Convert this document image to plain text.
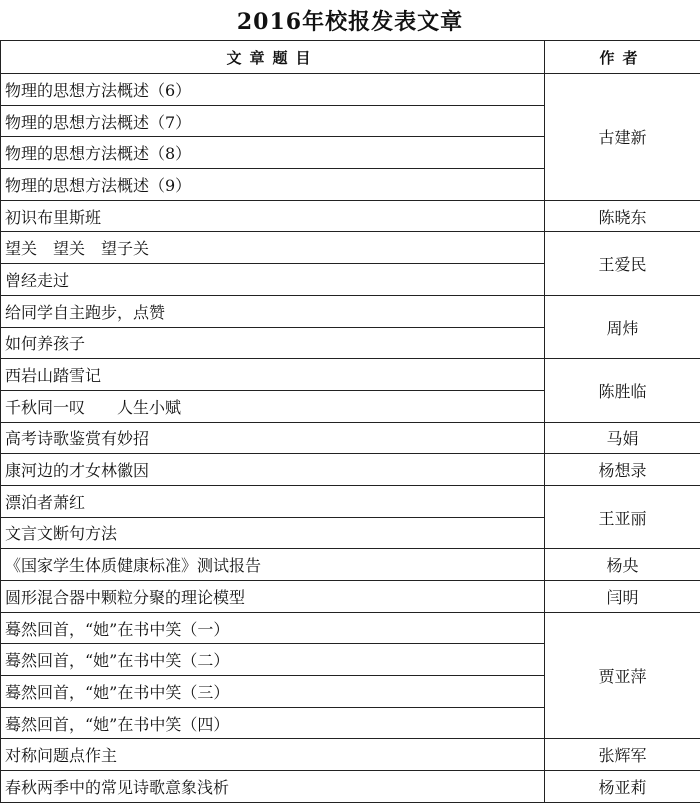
2016年校报发表文章
文章题目	作者
物理的思想方法概述（6）	古建新
物理的思想方法概述（7）	
物理的思想方法概述（8）	
物理的思想方法概述（9）	
初识布里斯班	陈晓东
望关　望关　望子关	王爱民
曾经走过	
给同学自主跑步，点赞	周炜
如何养孩子	
西岩山踏雪记	陈胜临
千秋同一叹　　人生小赋	
高考诗歌鉴赏有妙招	马娟
康河边的才女林徽因	杨想录
漂泊者萧红	王亚丽
文言文断句方法	
《国家学生体质健康标准》测试报告	杨央
圆形混合器中颗粒分聚的理论模型	闫明
蓦然回首，“她”在书中笑（一）	贾亚萍
蓦然回首，“她”在书中笑（二）	
蓦然回首，“她”在书中笑（三）	
蓦然回首，“她”在书中笑（四）	
对称问题点作主	张辉军
春秋两季中的常见诗歌意象浅析	杨亚莉
